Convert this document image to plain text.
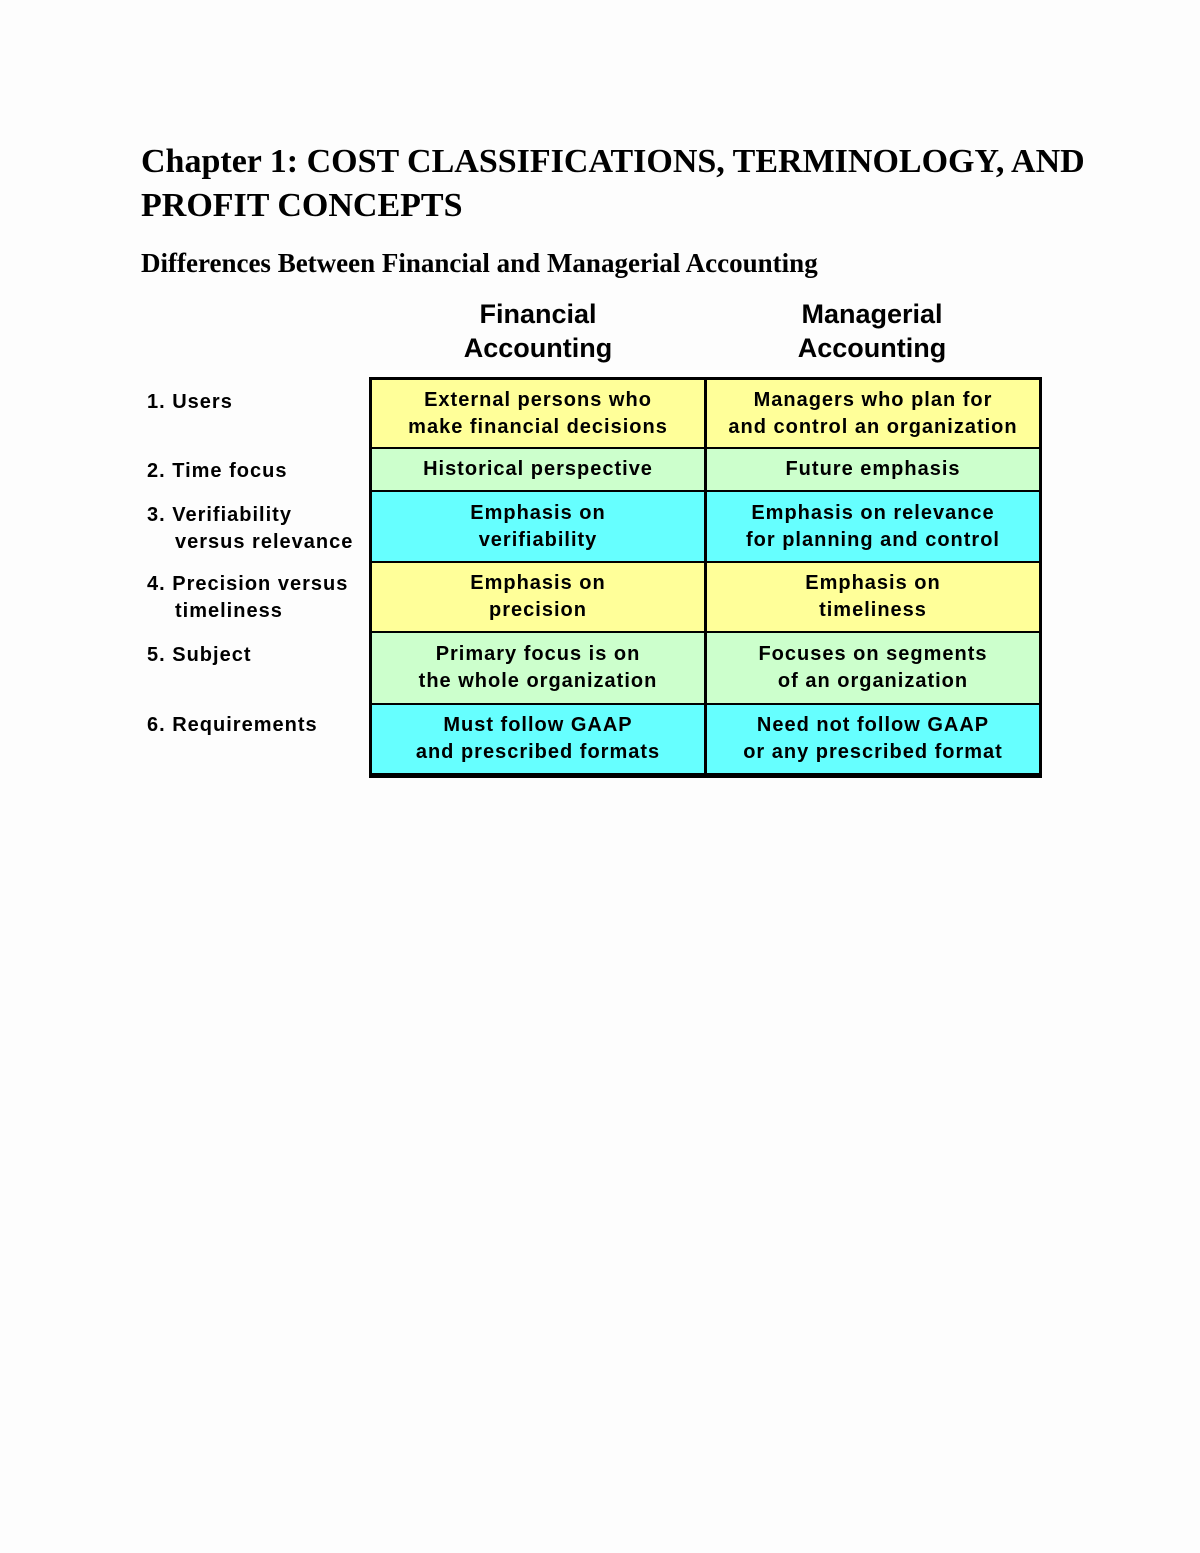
Chapter 1: COST CLASSIFICATIONS, TERMINOLOGY, AND PROFIT CONCEPTS
Differences Between Financial and Managerial Accounting
Financial
Accounting
Managerial
Accounting
1. Users
2. Time focus
3. Verifiability
versus relevance
4. Precision versus
timeliness
5. Subject
6. Requirements
External persons who
make financial decisions
Managers who plan for
and control an organization
Historical perspective	Future emphasis
Emphasis on
verifiability
Emphasis on relevance
for planning and control
Emphasis on
precision
Emphasis on
timeliness
Primary focus is on
the whole organization
Focuses on segments
of an organization
Must follow GAAP
and prescribed formats
Need not follow GAAP
or any prescribed format
